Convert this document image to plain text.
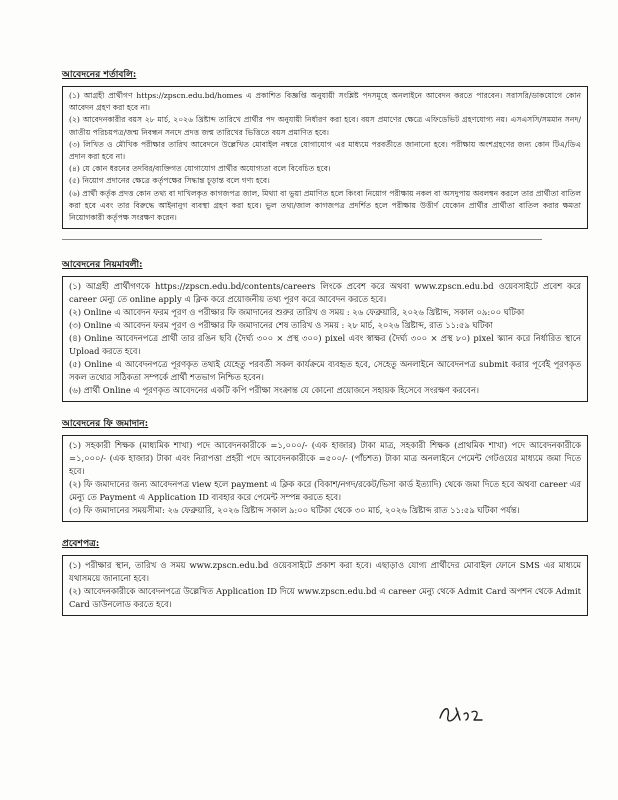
আবেদনের শর্তাবলি:

(১) আগ্রহী প্রার্থীগণ https://zpscn.edu.bd/homes এ প্রকাশিত বিজ্ঞপ্তি অনুযায়ী সংশ্লিষ্ট পদসমূহে অনলাইনে আবেদন করতে পারবেন। সরাসরি/ডাকযোগে কোন আবেদন গ্রহণ করা হবে না।

(২) আবেদনকারীর বয়স ২৮ মার্চ, ২০২৬ খ্রিষ্টাব্দ তারিখে প্রার্থীর পদ অনুযায়ী নির্ধারণ করা হবে। বয়স প্রমাণের ক্ষেত্রে এফিডেভিট গ্রহণযোগ্য নয়। এসএসসি/সমমান সনদ/জাতীয় পরিচয়পত্র/জন্ম নিবন্ধন সনদে প্রদত্ত জন্ম তারিখের ভিত্তিতে বয়স প্রমাণিত হবে।

(৩) লিখিত ও মৌখিক পরীক্ষার তারিখ আবেদনে উল্লেখিত মোবাইল নম্বরে যোগাযোগ এর মাধ্যমে পরবর্তীতে জানানো হবে। পরীক্ষায় অংশগ্রহণের জন্য কোন টিএ/ডিএ প্রদান করা হবে না।

(৪) যে কোন ধরনের তদবির/ব্যক্তিগত যোগাযোগ প্রার্থীর অযোগ্যতা বলে বিবেচিত হবে।

(৫) নিয়োগ প্রদানের ক্ষেত্রে কর্তৃপক্ষের সিদ্ধান্ত চূড়ান্ত বলে গণ্য হবে।

(৬) প্রার্থী কর্তৃক প্রদত্ত কোন তথ্য বা দাখিলকৃত কাগজপত্র জাল, মিথ্যা বা ভুয়া প্রমাণিত হলে কিংবা নিয়োগ পরীক্ষায় নকল বা অসদুপায় অবলম্বন করলে তার প্রার্থীতা বাতিল করা হবে এবং তার বিরুদ্ধে আইনানুগ ব্যবস্থা গ্রহণ করা হবে। ভুল তথ্য/জাল কাগজপত্র প্রদর্শিত হলে পরীক্ষায় উত্তীর্ণ যেকোন প্রার্থীর প্রার্থীতা বাতিল করার ক্ষমতা নিয়োগকারী কর্তৃপক্ষ সংরক্ষণ করেন।

আবেদনের নিয়মাবলী:

(১) আগ্রহী প্রার্থীগণকে https://zpscn.edu.bd/contents/careers লিংকে প্রবেশ করে অথবা www.zpscn.edu.bd ওয়েবসাইটে প্রবেশ করে career মেন্যু তে online apply এ ক্লিক করে প্রয়োজনীয় তথ্য পূরণ করে আবেদন করতে হবে।

(২) Online এ আবেদন ফরম পূরণ ও পরীক্ষার ফি জমাদানের শুরুর তারিখ ও সময় : ২৬ ফেব্রুয়ারি, ২০২৬ খ্রিষ্টাব্দ, সকাল ০৯:০০ ঘটিকা

(৩) Online এ আবেদন ফরম পূরণ ও পরীক্ষার ফি জমাদানের শেষ তারিখ ও সময় : ২৮ মার্চ, ২০২৬ খ্রিষ্টাব্দ, রাত ১১:৫৯ ঘটিকা

(৪) Online আবেদনপত্রে প্রার্থী তার রঙিন ছবি (দৈর্ঘ্য ৩০০ × প্রস্থ ৩০০) pixel এবং স্বাক্ষর (দৈর্ঘ্য ৩০০ × প্রস্থ ৮০) pixel স্ক্যান করে নির্ধারিত স্থানে Upload করতে হবে।

(৫) Online এ আবেদনপত্রে পূরণকৃত তথ্যই যেহেতু পরবর্তী সকল কার্যক্রমে ব্যবহৃত হবে, সেহেতু অনলাইনে আবেদনপত্র submit করার পূর্বেই পূরণকৃত সকল তথ্যের সঠিকতা সম্পর্কে প্রার্থী শতভাগ নিশ্চিত হবেন।

(৬) প্রার্থী Online এ পূরণকৃত আবেদনের একটি কপি পরীক্ষা সংক্রান্ত যে কোনো প্রয়োজনে সহায়ক হিসেবে সংরক্ষণ করবেন।

আবেদনের ফি জমাদান:

(১) সহকারী শিক্ষক (মাধ্যমিক শাখা) পদে আবেদনকারীকে =১,০০০/- (এক হাজার) টাকা মাত্র, সহকারী শিক্ষক (প্রাথমিক শাখা) পদে আবেদনকারীকে =১,০০০/- (এক হাজার) টাকা এবং নিরাপত্তা প্রহরী পদে আবেদনকারীকে =৫০০/- (পাঁচশত) টাকা মাত্র অনলাইনে পেমেন্ট গেটওয়ের মাধ্যমে জমা দিতে হবে।

(২) ফি জমাদানের জন্য আবেদনপত্র view হলে payment এ ক্লিক করে (বিকাশ/নগদ/রকেট/ভিসা কার্ড ইত্যাদি) থেকে জমা দিতে হবে অথবা career এর মেন্যু তে Payment এ Application ID ব্যবহার করে পেমেন্ট সম্পন্ন করতে হবে।

(৩) ফি জমাদানের সময়সীমা: ২৬ ফেব্রুয়ারি, ২০২৬ খ্রিষ্টাব্দ সকাল ৯:০০ ঘটিকা থেকে ৩০ মার্চ, ২০২৬ খ্রিষ্টাব্দ রাত ১১:৫৯ ঘটিকা পর্যন্ত।

প্রবেশপত্র:

(১) পরীক্ষার স্থান, তারিখ ও সময় www.zpscn.edu.bd ওয়েবসাইটে প্রকাশ করা হবে। এছাড়াও যোগ্য প্রার্থীদের মোবাইল ফোনে SMS এর মাধ্যমে যথাসময়ে জানানো হবে।

(২) আবেদনকারীকে আবেদনপত্রে উল্লেখিত Application ID দিয়ে www.zpscn.edu.bd এ career মেন্যু থেকে Admit Card অপশন থেকে Admit Card ডাউনলোড করতে হবে।
